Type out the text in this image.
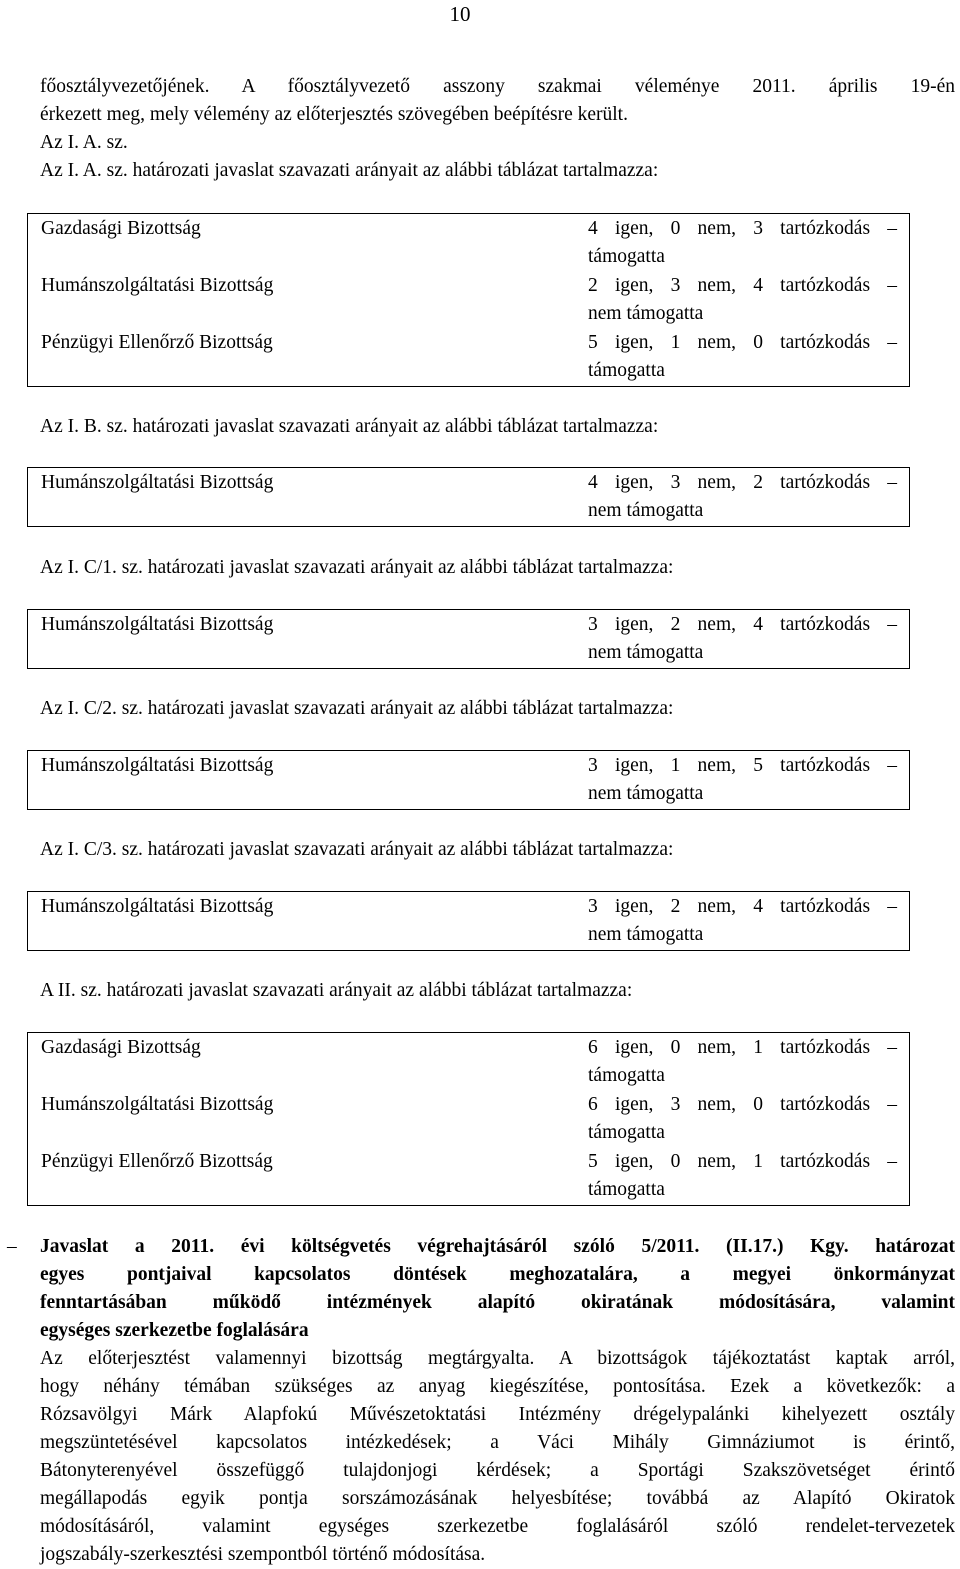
10
főosztályvezetőjének. A főosztályvezető asszony szakmai véleménye 2011. április 19-én
érkezett meg, mely vélemény az előterjesztés szövegében beépítésre került.
Az I. A. sz.
Az I. A. sz. határozati javaslat szavazati arányait az alábbi táblázat tartalmazza:
Gazdasági Bizottság	4 igen, 0 nem, 3 tartózkodás –
támogatta

Humánszolgáltatási Bizottság	2 igen, 3 nem, 4 tartózkodás –
nem támogatta

Pénzügyi Ellenőrző Bizottság	5 igen, 1 nem, 0 tartózkodás –
támogatta
Az I. B. sz. határozati javaslat szavazati arányait az alábbi táblázat tartalmazza:
Humánszolgáltatási Bizottság	4 igen, 3 nem, 2 tartózkodás –
nem támogatta
Az I. C/1. sz. határozati javaslat szavazati arányait az alábbi táblázat tartalmazza:
Humánszolgáltatási Bizottság	3 igen, 2 nem, 4 tartózkodás –
nem támogatta
Az I. C/2. sz. határozati javaslat szavazati arányait az alábbi táblázat tartalmazza:
Humánszolgáltatási Bizottság	3 igen, 1 nem, 5 tartózkodás –
nem támogatta
Az I. C/3. sz. határozati javaslat szavazati arányait az alábbi táblázat tartalmazza:
Humánszolgáltatási Bizottság	3 igen, 2 nem, 4 tartózkodás –
nem támogatta
A II. sz. határozati javaslat szavazati arányait az alábbi táblázat tartalmazza:
Gazdasági Bizottság	6 igen, 0 nem, 1 tartózkodás –
támogatta

Humánszolgáltatási Bizottság	6 igen, 3 nem, 0 tartózkodás –
támogatta

Pénzügyi Ellenőrző Bizottság	5 igen, 0 nem, 1 tartózkodás –
támogatta
–	Javaslat a 2011. évi költségvetés végrehajtásáról szóló 5/2011. (II.17.) Kgy. határozat
egyes pontjaival kapcsolatos döntések meghozatalára, a megyei önkormányzat
fenntartásában működő intézmények alapító okiratának módosítására, valamint
egységes szerkezetbe foglalására
Az előterjesztést valamennyi bizottság megtárgyalta. A bizottságok tájékoztatást kaptak arról,
hogy néhány témában szükséges az anyag kiegészítése, pontosítása. Ezek a következők: a
Rózsavölgyi Márk Alapfokú Művészetoktatási Intézmény drégelypalánki kihelyezett osztály
megszüntetésével kapcsolatos intézkedések; a Váci Mihály Gimnáziumot is érintő,
Bátonyterenyével összefüggő tulajdonjogi kérdések; a Sportági Szakszövetséget érintő
megállapodás egyik pontja sorszámozásának helyesbítése; továbbá az Alapító Okiratok
módosításáról, valamint egységes szerkezetbe foglalásáról szóló rendelet-tervezetek
jogszabály-szerkesztési szempontból történő módosítása.
